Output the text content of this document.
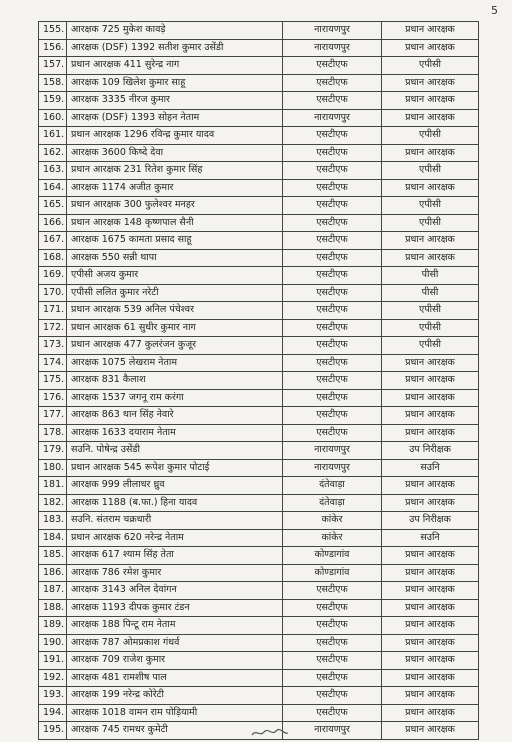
5
155.	आरक्षक 725 मुकेश कावड़े	नारायणपुर	प्रधान आरक्षक
156.	आरक्षक (DSF) 1392 सतीश कुमार उसेंडी	नारायणपुर	प्रधान आरक्षक
157.	प्रधान आरक्षक 411 सुरेन्द्र नाग	एसटीएफ	एपीसी
158.	आरक्षक 109 खिलेश कुमार साहू	एसटीएफ	प्रधान आरक्षक
159.	आरक्षक 3335 नीरज कुमार	एसटीएफ	प्रधान आरक्षक
160.	आरक्षक (DSF) 1393 सोहन नेताम	नारायणपुर	प्रधान आरक्षक
161.	प्रधान आरक्षक 1296 रविन्द्र कुमार यादव	एसटीएफ	एपीसी
162.	आरक्षक 3600 किष्दे देवा	एसटीएफ	प्रधान आरक्षक
163.	प्रधान आरक्षक 231 रितेश कुमार सिंह	एसटीएफ	एपीसी
164.	आरक्षक 1174 अजीत कुमार	एसटीएफ	प्रधान आरक्षक
165.	प्रधान आरक्षक 300 फुलेश्वर मनहर	एसटीएफ	एपीसी
166.	प्रधान आरक्षक 148 कृष्णपाल सैनी	एसटीएफ	एपीसी
167.	आरक्षक 1675 कामता प्रसाद साहू	एसटीएफ	प्रधान आरक्षक
168.	आरक्षक 550 सन्नी थापा	एसटीएफ	प्रधान आरक्षक
169.	एपीसी अजय कुमार	एसटीएफ	पीसी
170.	एपीसी ललित कुमार नरेटी	एसटीएफ	पीसी
171.	प्रधान आरक्षक 539 अनिल पंचेश्वर	एसटीएफ	एपीसी
172.	प्रधान आरक्षक 61 सुधीर कुमार नाग	एसटीएफ	एपीसी
173.	प्रधान आरक्षक 477 कुलरंजन कुजूर	एसटीएफ	एपीसी
174.	आरक्षक 1075 लेखराम नेताम	एसटीएफ	प्रधान आरक्षक
175.	आरक्षक 831 कैलाश	एसटीएफ	प्रधान आरक्षक
176.	आरक्षक 1537 जगनू राम करंगा	एसटीएफ	प्रधान आरक्षक
177.	आरक्षक 863 थान सिंह नेवारे	एसटीएफ	प्रधान आरक्षक
178.	आरक्षक 1633 दयाराम नेताम	एसटीएफ	प्रधान आरक्षक
179.	सउनि. पोषेन्द्र उसेंडी	नारायणपुर	उप निरीक्षक
180.	प्रधान आरक्षक 545 रूपेश कुमार पोटाई	नारायणपुर	सउनि
181.	आरक्षक 999 लीलाधर ध्रुव	दंतेवाड़ा	प्रधान आरक्षक
182.	आरक्षक 1188 (ब.फा.) हिना यादव	दंतेवाड़ा	प्रधान आरक्षक
183.	सउनि. संतराम चक्रधारी	कांकेर	उप निरीक्षक
184.	प्रधान आरक्षक 620 नरेन्द्र नेताम	कांकेर	सउनि
185.	आरक्षक 617 श्याम सिंह तेता	कोण्डागांव	प्रधान आरक्षक
186.	आरक्षक 786 रमेश कुमार	कोण्डागांव	प्रधान आरक्षक
187.	आरक्षक 3143 अनिल देवांगन	एसटीएफ	प्रधान आरक्षक
188.	आरक्षक 1193 दीपक कुमार टंडन	एसटीएफ	प्रधान आरक्षक
189.	आरक्षक 188 पिन्टू राम नेताम	एसटीएफ	प्रधान आरक्षक
190.	आरक्षक 787 ओमप्रकाश गंधर्व	एसटीएफ	प्रधान आरक्षक
191.	आरक्षक 709 राजेश कुमार	एसटीएफ	प्रधान आरक्षक
192.	आरक्षक 481 रामशीष पाल	एसटीएफ	प्रधान आरक्षक
193.	आरक्षक 199 नरेन्द्र कोरेटी	एसटीएफ	प्रधान आरक्षक
194.	आरक्षक 1018 वामन राम पोड़ियामी	एसटीएफ	प्रधान आरक्षक
195.	आरक्षक 745 रामधर कुमेटी	नारायणपुर	प्रधान आरक्षक
